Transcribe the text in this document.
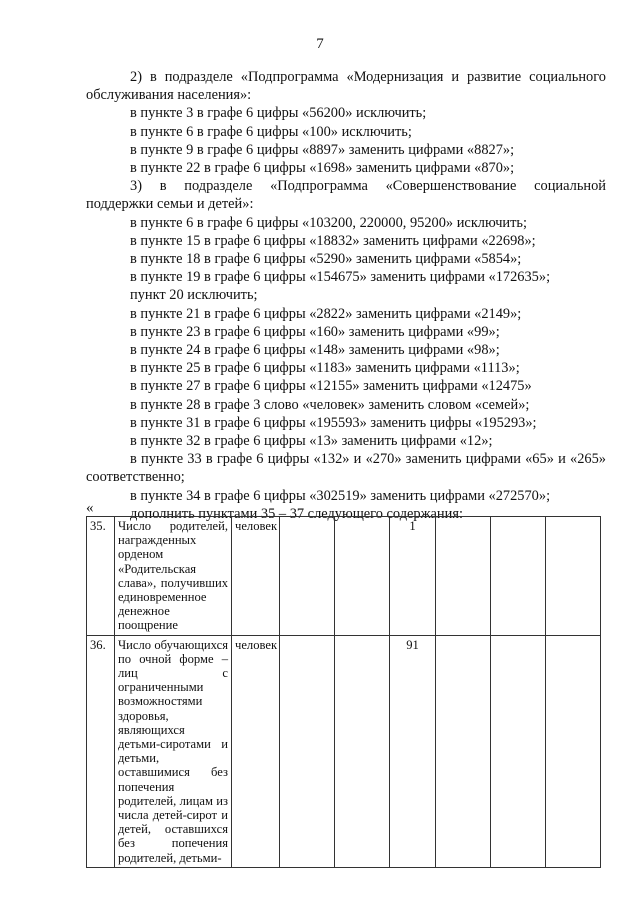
7

2) в подразделе «Подпрограмма «Модернизация и развитие социального обслуживания населения»:

в пункте 3 в графе 6 цифры «56200» исключить;

в пункте 6 в графе 6 цифры «100» исключить;

в пункте 9 в графе 6 цифры «8897» заменить цифрами «8827»;

в пункте 22 в графе 6 цифры «1698» заменить цифрами «870»;

3) в подразделе «Подпрограмма «Совершенствование социальной поддержки семьи и детей»:

в пункте 6 в графе 6 цифры «103200, 220000, 95200» исключить;

в пункте 15 в графе 6 цифры «18832» заменить цифрами «22698»;

в пункте 18 в графе 6 цифры «5290» заменить цифрами «5854»;

в пункте 19 в графе 6 цифры «154675» заменить цифрами «172635»;

пункт 20 исключить;

в пункте 21 в графе 6 цифры «2822» заменить цифрами «2149»;

в пункте 23 в графе 6 цифры «160» заменить цифрами «99»;

в пункте 24 в графе 6 цифры «148» заменить цифрами «98»;

в пункте 25 в графе 6 цифры «1183» заменить цифрами «1113»;

в пункте 27 в графе 6 цифры «12155» заменить цифрами «12475»

в пункте 28 в графе 3 слово «человек» заменить словом «семей»;

в пункте 31 в графе 6 цифры «195593» заменить цифры «195293»;

в пункте 32 в графе 6 цифры «13» заменить цифрами «12»;

в пункте 33 в графе 6 цифры «132» и «270» заменить цифрами «65» и «265» соответственно;

в пункте 34 в графе 6 цифры «302519» заменить цифрами «272570»;

дополнить пунктами 35 – 37 следующего содержания:

«
35.	Число родителей, награжденных орденом «Родительская слава», получивших единовременное денежное поощрение	человек			1			
36.	Число обучающихся по очной форме – лиц с ограниченными возможностями здоровья, являющихся детьми-сиротами и детьми, оставшимися без попечения родителей, лицам из числа детей-сирот и детей, оставшихся без попечения родителей, детьми-	человек			91			
